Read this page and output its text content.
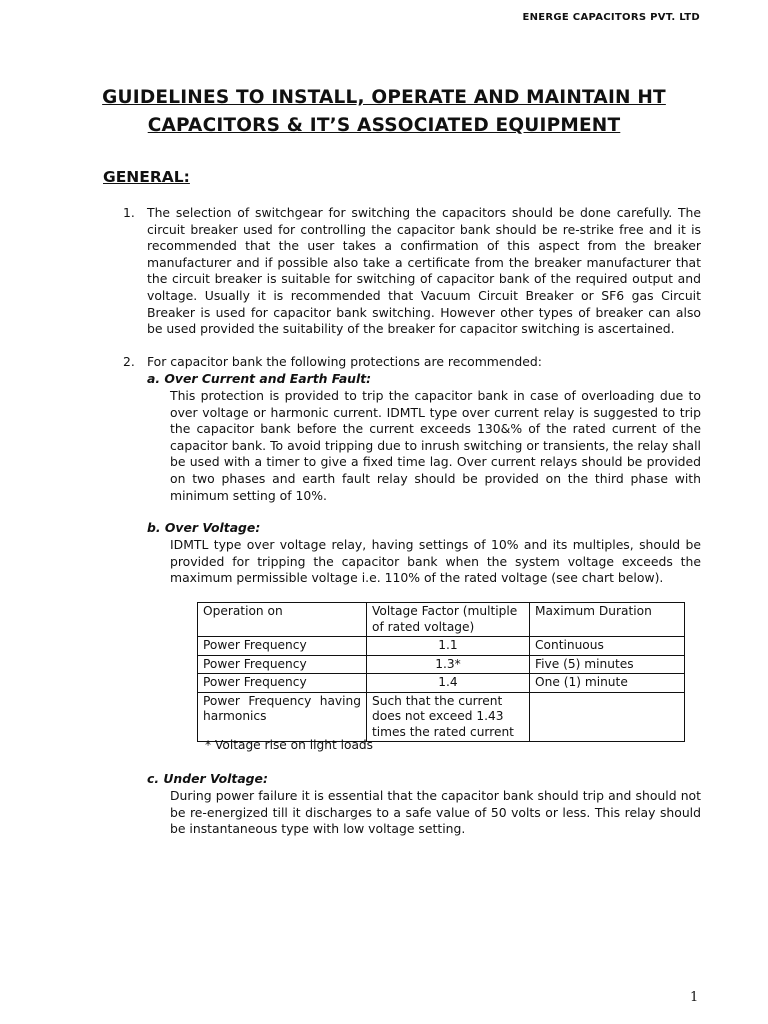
ENERGE CAPACITORS PVT. LTD
GUIDELINES TO INSTALL, OPERATE AND MAINTAIN HT
CAPACITORS & IT’S ASSOCIATED EQUIPMENT
GENERAL:
1. The selection of switchgear for switching the capacitors should be done carefully. The circuit breaker used for controlling the capacitor bank should be re-strike free and it is recommended that the user takes a confirmation of this aspect from the breaker manufacturer and if possible also take a certificate from the breaker manufacturer that the circuit breaker is suitable for switching of capacitor bank of the required output and voltage. Usually it is recommended that Vacuum Circuit Breaker or SF6 gas Circuit Breaker is used for capacitor bank switching. However other types of breaker can also be used provided the suitability of the breaker for capacitor switching is ascertained.
2. For capacitor bank the following protections are recommended:
a. Over Current and Earth Fault:
This protection is provided to trip the capacitor bank in case of overloading due to over voltage or harmonic current. IDMTL type over current relay is suggested to trip the capacitor bank before the current exceeds 130&% of the rated current of the capacitor bank. To avoid tripping due to inrush switching or transients, the relay shall be used with a timer to give a fixed time lag. Over current relays should be provided on two phases and earth fault relay should be provided on the third phase with minimum setting of 10%.
b. Over Voltage:
IDMTL type over voltage relay, having settings of 10% and its multiples, should be provided for tripping the capacitor bank when the system voltage exceeds the maximum permissible voltage i.e. 110% of the rated voltage (see chart below).
Operation on	Voltage Factor (multiple of rated voltage)	Maximum Duration
Power Frequency	1.1	Continuous
Power Frequency	1.3*	Five (5) minutes
Power Frequency	1.4	One (1) minute
Power Frequency having harmonics	Such that the current does not exceed 1.43 times the rated current	
* Voltage rise on light loads
c. Under Voltage:
During power failure it is essential that the capacitor bank should trip and should not be re-energized till it discharges to a safe value of 50 volts or less. This relay should be instantaneous type with low voltage setting.
1
